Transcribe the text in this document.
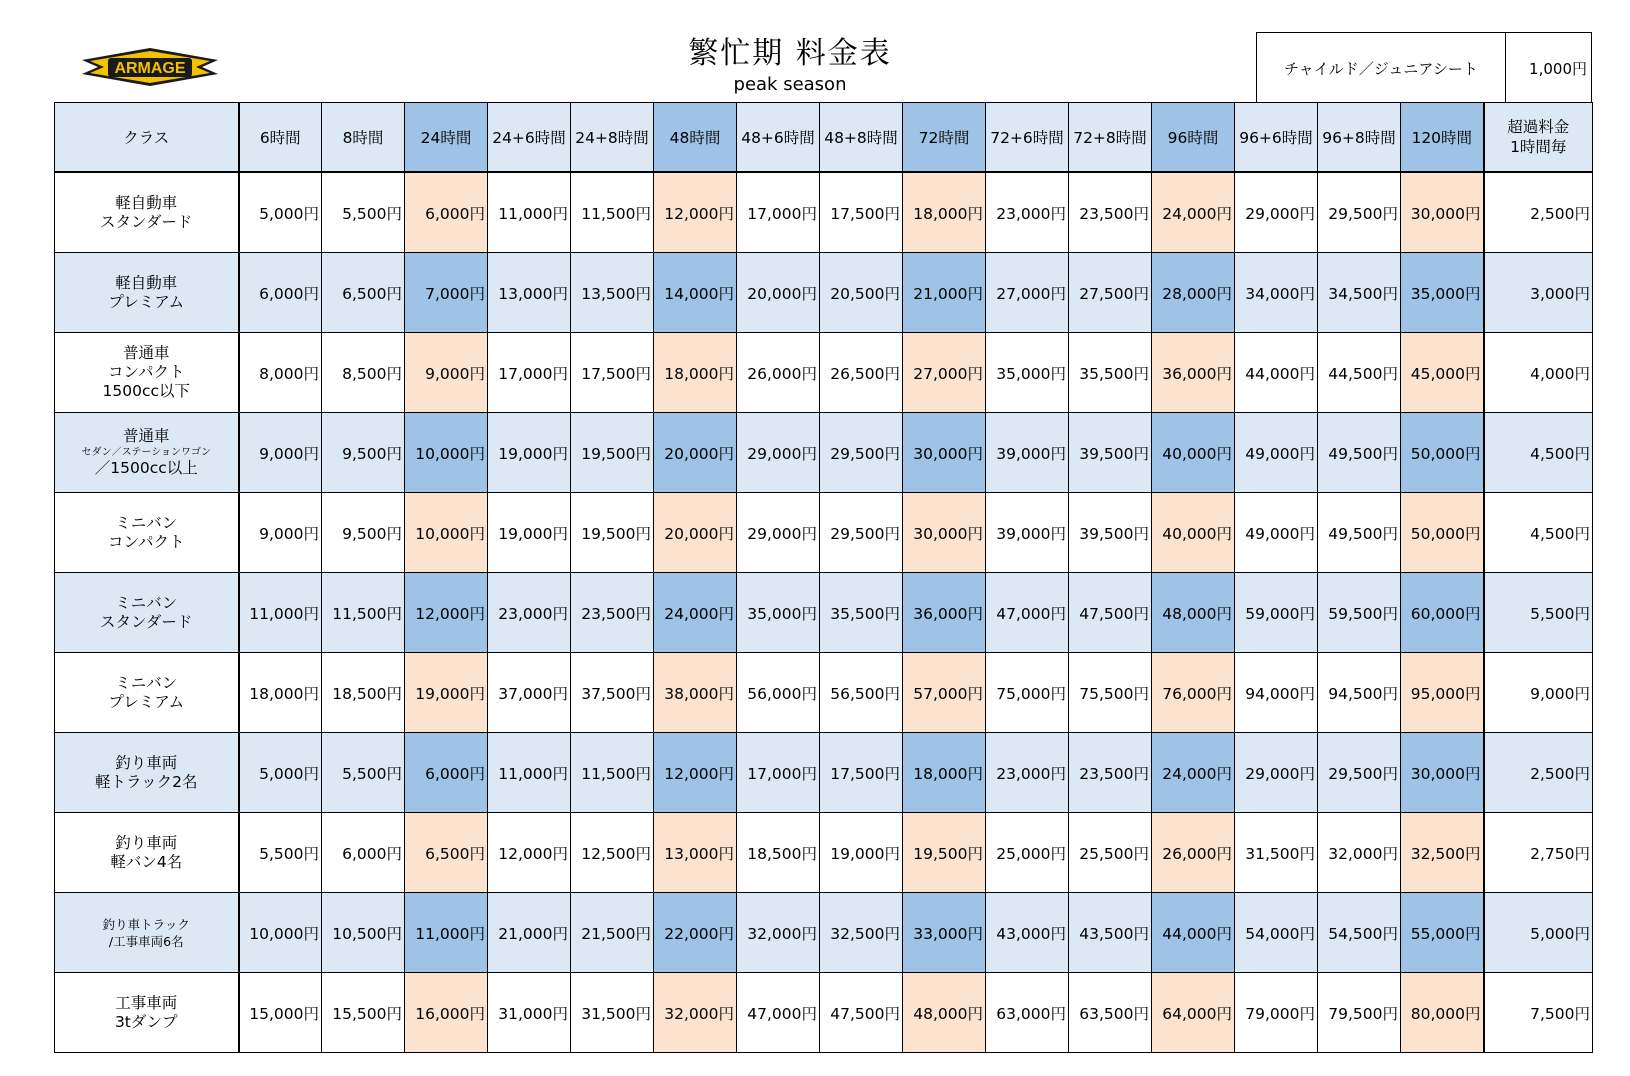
ARMAGE	繁忙期 料金表
peak season
チャイルド／ジュニアシート	1,000円
クラス	6時間	8時間	24時間	24+6時間	24+8時間	48時間	48+6時間	48+8時間	72時間	72+6時間	72+8時間	96時間	96+6時間	96+8時間	120時間	超過料金
1時間毎

軽自動車
スタンダード	5,000円	5,500円	6,000円	11,000円	11,500円	12,000円	17,000円	17,500円	18,000円	23,000円	23,500円	24,000円	29,000円	29,500円	30,000円	2,500円

軽自動車
プレミアム	6,000円	6,500円	7,000円	13,000円	13,500円	14,000円	20,000円	20,500円	21,000円	27,000円	27,500円	28,000円	34,000円	34,500円	35,000円	3,000円

普通車
コンパクト
1500cc以下	8,000円	8,500円	9,000円	17,000円	17,500円	18,000円	26,000円	26,500円	27,000円	35,000円	35,500円	36,000円	44,000円	44,500円	45,000円	4,000円

普通車
セダン／ステーションワゴン
／1500cc以上	9,000円	9,500円	10,000円	19,000円	19,500円	20,000円	29,000円	29,500円	30,000円	39,000円	39,500円	40,000円	49,000円	49,500円	50,000円	4,500円

ミニバン
コンパクト	9,000円	9,500円	10,000円	19,000円	19,500円	20,000円	29,000円	29,500円	30,000円	39,000円	39,500円	40,000円	49,000円	49,500円	50,000円	4,500円

ミニバン
スタンダード	11,000円	11,500円	12,000円	23,000円	23,500円	24,000円	35,000円	35,500円	36,000円	47,000円	47,500円	48,000円	59,000円	59,500円	60,000円	5,500円

ミニバン
プレミアム	18,000円	18,500円	19,000円	37,000円	37,500円	38,000円	56,000円	56,500円	57,000円	75,000円	75,500円	76,000円	94,000円	94,500円	95,000円	9,000円

釣り車両
軽トラック2名	5,000円	5,500円	6,000円	11,000円	11,500円	12,000円	17,000円	17,500円	18,000円	23,000円	23,500円	24,000円	29,000円	29,500円	30,000円	2,500円

釣り車両
軽バン4名	5,500円	6,000円	6,500円	12,000円	12,500円	13,000円	18,500円	19,000円	19,500円	25,000円	25,500円	26,000円	31,500円	32,000円	32,500円	2,750円

釣り車トラック
/工事車両6名	10,000円	10,500円	11,000円	21,000円	21,500円	22,000円	32,000円	32,500円	33,000円	43,000円	43,500円	44,000円	54,000円	54,500円	55,000円	5,000円

工事車両
3tダンプ	15,000円	15,500円	16,000円	31,000円	31,500円	32,000円	47,000円	47,500円	48,000円	63,000円	63,500円	64,000円	79,000円	79,500円	80,000円	7,500円
